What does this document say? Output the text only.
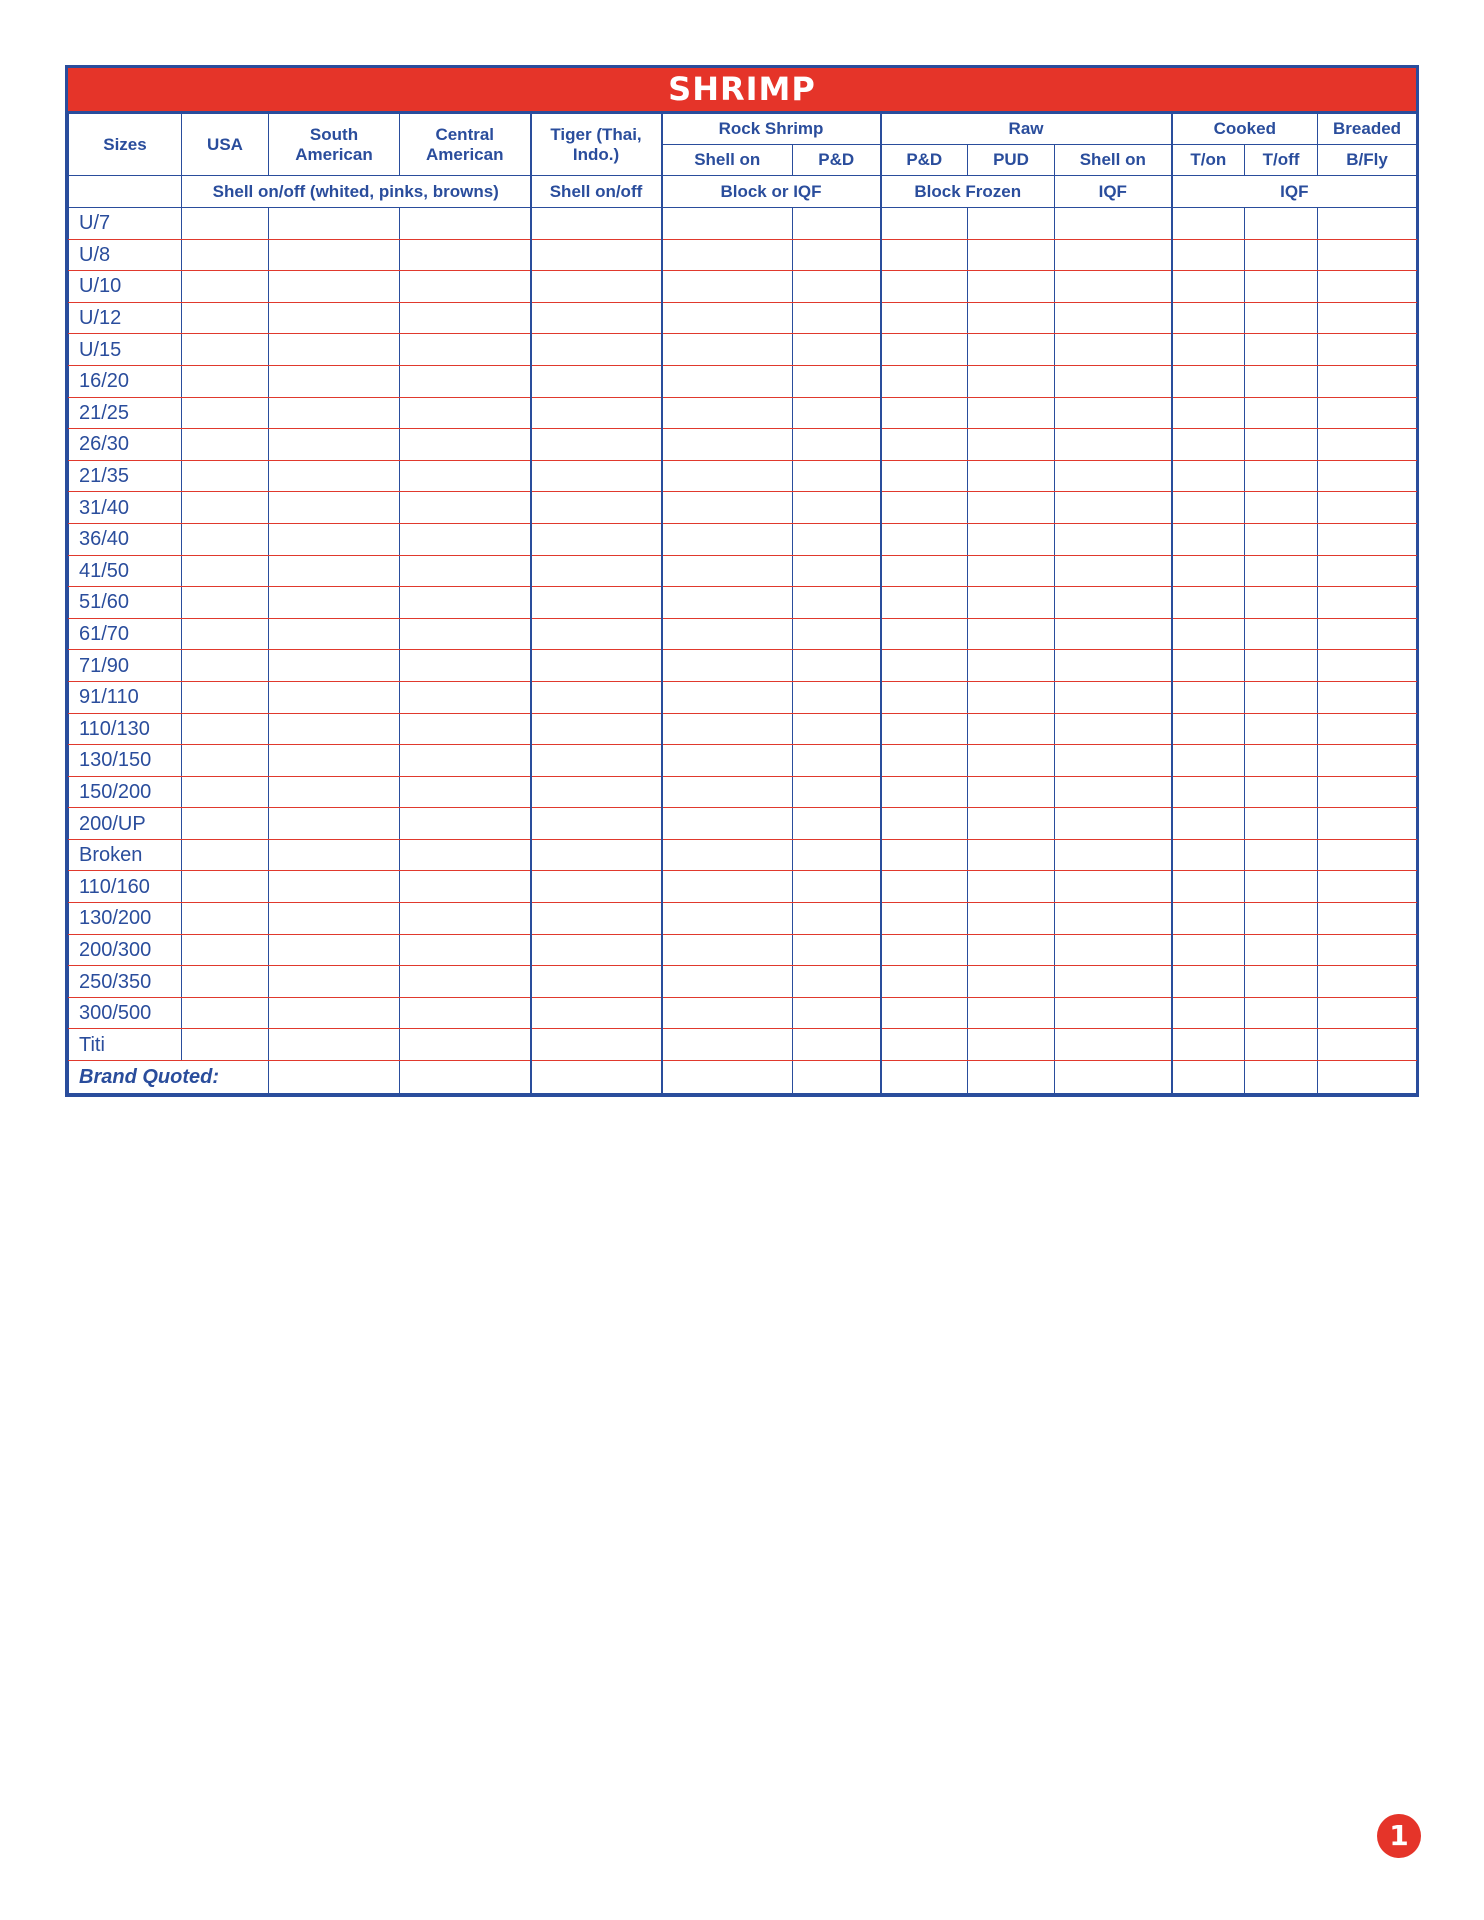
SHRIMP
Sizes	USA	South American	Central American	Tiger (Thai, Indo.)	Rock Shrimp		Raw			Cooked		Breaded
					Shell on	P&D	P&D	PUD	Shell on	T/on	T/off	B/Fly
	Shell on/off (whited, pinks, browns)			Shell on/off	Block or IQF		Block Frozen		IQF	IQF		
U/7												
U/8												
U/10												
U/12												
U/15												
16/20												
21/25												
26/30												
21/35												
31/40												
36/40												
41/50												
51/60												
61/70												
71/90												
91/110												
110/130												
130/150												
150/200												
200/UP												
Broken												
110/160												
130/200												
200/300												
250/350												
300/500												
Titi												
Brand Quoted:												
1
